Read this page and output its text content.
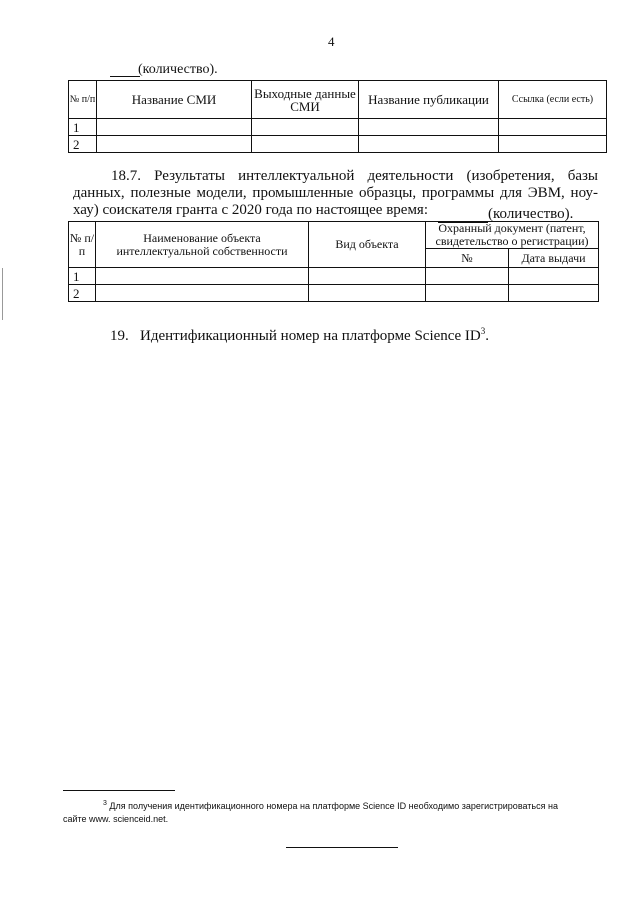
4
(количество).
№ п/п	Название СМИ	Выходные данные СМИ	Название публикации	Ссылка (если есть)
1				
2				
18.7. Результаты интеллектуальной деятельности (изобретения, базы данных, полезные модели, промышленные образцы, программы для ЭВМ, ноу-хау) соискателя гранта с 2020 года по настоящее время:	(количество).
№ п/п	Наименование объекта интеллектуальной собственности	Вид объекта	Охранный документ (патент, свидетельство о регистрации)	
			№	Дата выдачи
1				
2				
19. Идентификационный номер на платформе Science $ID^3$.
$^3$ Для получения идентификационного номера на платформе Science ID необходимо зарегистрироваться на сайте www. scienceid.net.
